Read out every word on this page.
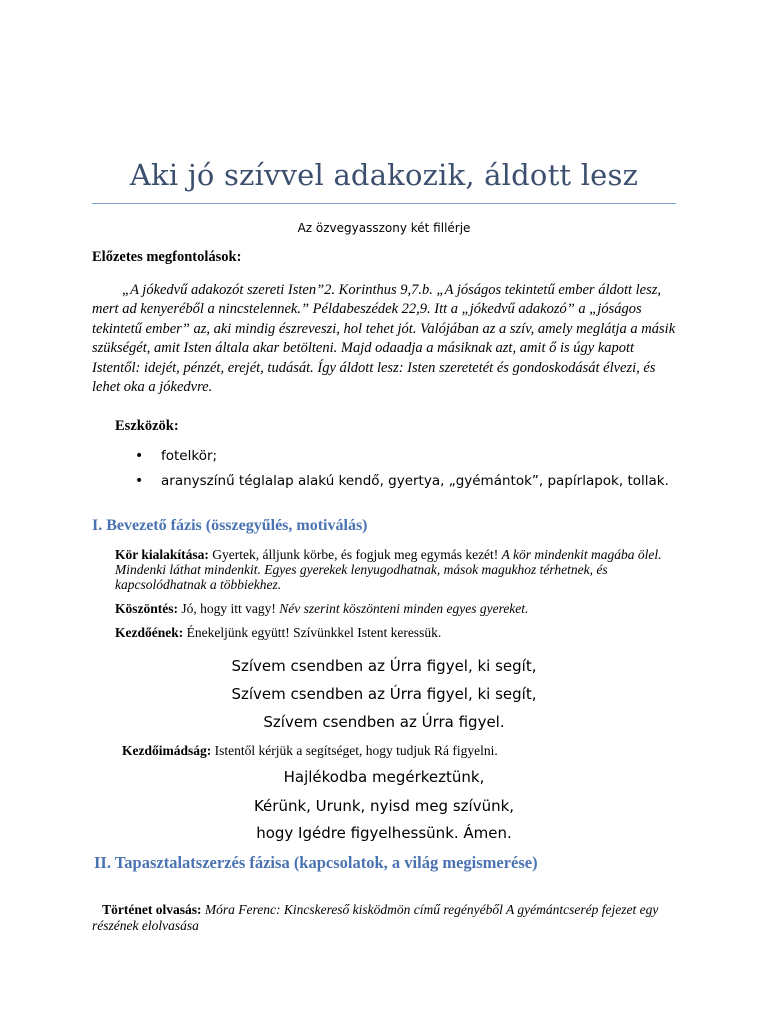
Aki jó szívvel adakozik, áldott lesz
Az özvegyasszony két fillérje
Előzetes megfontolások:
„A jókedvű adakozót szereti Isten”2. Korinthus 9,7.b. „A jóságos tekintetű ember áldott lesz, mert ad kenyeréből a nincstelennek.” Példabeszédek 22,9. Itt a „jókedvű adakozó” a „jóságos tekintetű ember” az, aki mindig észreveszi, hol tehet jót. Valójában az a szív, amely meglátja a másik szükségét, amit Isten általa akar betölteni. Majd odaadja a másiknak azt, amit ő is úgy kapott Istentől: idejét, pénzét, erejét, tudását. Így áldott lesz: Isten szeretetét és gondoskodását élvezi, és lehet oka a jókedvre.
Eszközök:
• fotelkör;
• aranyszínű téglalap alakú kendő, gyertya, „gyémántok”, papírlapok, tollak.
I. Bevezető fázis (összegyűlés, motiválás)
Kör kialakítása: Gyertek, álljunk körbe, és fogjuk meg egymás kezét! A kör mindenkit magába ölel. Mindenki láthat mindenkit. Egyes gyerekek lenyugodhatnak, mások magukhoz térhetnek, és kapcsolódhatnak a többiekhez.
Köszöntés: Jó, hogy itt vagy! Név szerint köszönteni minden egyes gyereket.
Kezdőének: Énekeljünk együtt! Szívünkkel Istent keressük.
Szívem csendben az Úrra figyel, ki segít,
Szívem csendben az Úrra figyel, ki segít,
Szívem csendben az Úrra figyel.
Kezdőimádság: Istentől kérjük a segítséget, hogy tudjuk Rá figyelni.
Hajlékodba megérkeztünk,
Kérünk, Urunk, nyisd meg szívünk,
hogy Igédre figyelhessünk. Ámen.
II. Tapasztalatszerzés fázisa (kapcsolatok, a világ megismerése)
Történet olvasás: Móra Ferenc: Kincskereső kisködmön című regényéből A gyémántcserép fejezet egy részének elolvasása
